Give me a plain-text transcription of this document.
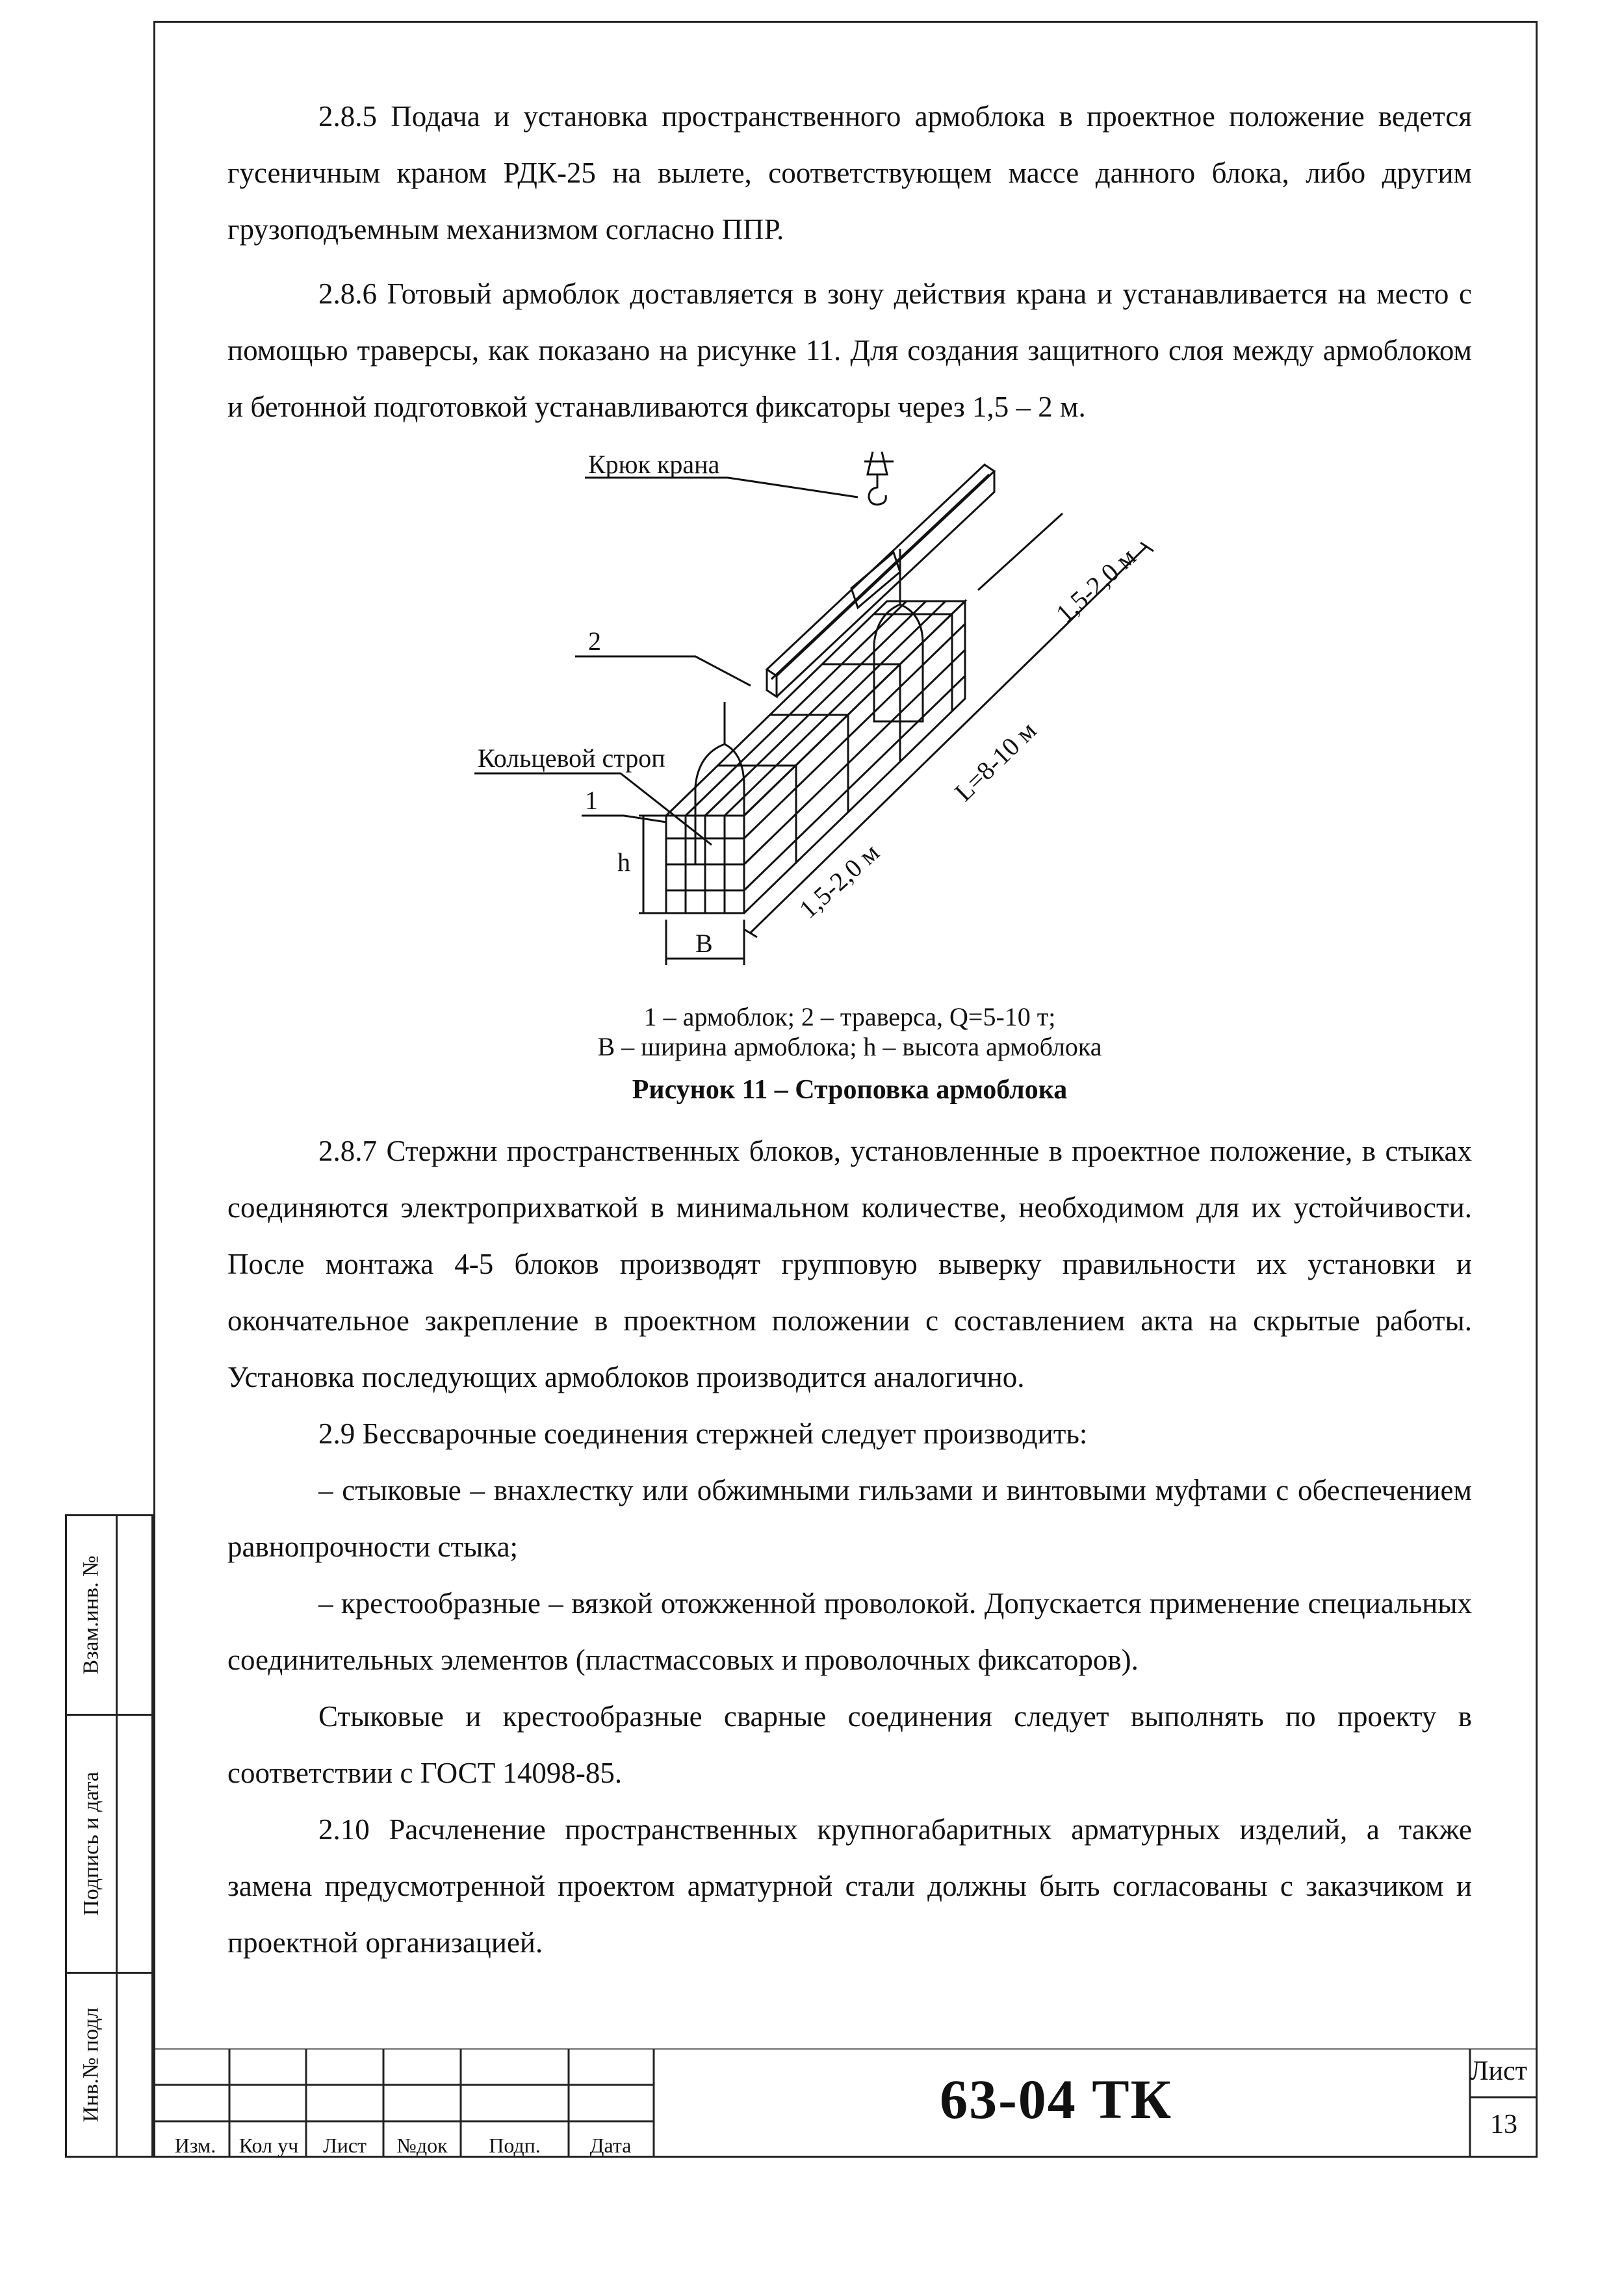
2.8.5 Подача и установка пространственного армоблока в проектное положение ведется гусеничным краном РДК-25 на вылете, соответствующем массе данного блока, либо другим грузоподъемным механизмом согласно ППР.

2.8.6 Готовый армоблок доставляется в зону действия крана и устанавливается на место с помощью траверсы, как показано на рисунке 11. Для создания защитного слоя между армоблоком и бетонной подготовкой устанавливаются фиксаторы через 1,5 – 2 м.

Крюк крана
2
Кольцевой строп
1
h
B
1,5-2,0 м
L=8-10 м
1,5-2,0 м
1 – армоблок; 2 – траверса, Q=5-10 т;
В – ширина армоблока; h – высота армоблока
Рисунок 11 – Строповка армоблока

2.8.7 Стержни пространственных блоков, установленные в проектное положение, в стыках соединяются электроприхваткой в минимальном количестве, необходимом для их устойчивости. После монтажа 4-5 блоков производят групповую выверку правильности их установки и окончательное закрепление в проектном положении с составлением акта на скрытые работы. Установка последующих армоблоков производится аналогично.

2.9 Бессварочные соединения стержней следует производить:

– стыковые – внахлестку или обжимными гильзами и винтовыми муфтами с обеспечением равнопрочности стыка;

– крестообразные – вязкой отожженной проволокой. Допускается применение специальных соединительных элементов (пластмассовых и проволочных фиксаторов).

Стыковые и крестообразные сварные соединения следует выполнять по проекту в соответствии с ГОСТ 14098-85.

2.10 Расчленение пространственных крупногабаритных арматурных изделий, а также замена предусмотренной проектом арматурной стали должны быть согласованы с заказчиком и проектной организацией.

Взам.инв. №
Подпись и дата
Инв.№ подл
Изм.	Кол уч	Лист	№док	Подп.	Дата
63-04 ТК	Лист
13
